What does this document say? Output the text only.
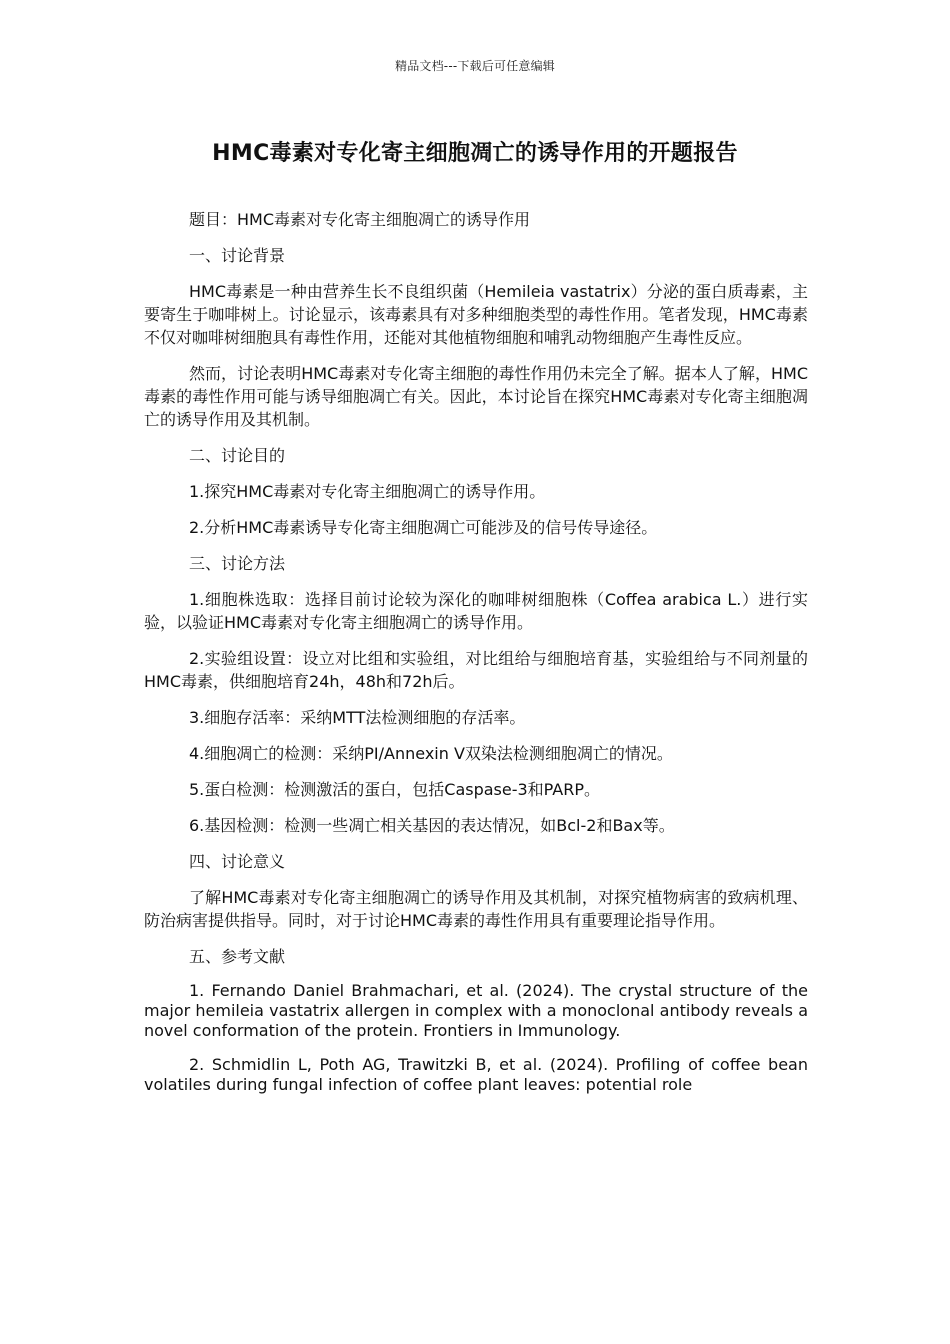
精品文档---下载后可任意编辑
HMC毒素对专化寄主细胞凋亡的诱导作用的开题报告

题目：HMC毒素对专化寄主细胞凋亡的诱导作用

一、讨论背景

HMC毒素是一种由营养生长不良组织菌（Hemileia vastatrix）分泌的蛋白质毒素，主要寄生于咖啡树上。讨论显示，该毒素具有对多种细胞类型的毒性作用。笔者发现，HMC毒素不仅对咖啡树细胞具有毒性作用，还能对其他植物细胞和哺乳动物细胞产生毒性反应。

然而，讨论表明HMC毒素对专化寄主细胞的毒性作用仍未完全了解。据本人了解，HMC毒素的毒性作用可能与诱导细胞凋亡有关。因此，本讨论旨在探究HMC毒素对专化寄主细胞凋亡的诱导作用及其机制。

二、讨论目的

1.探究HMC毒素对专化寄主细胞凋亡的诱导作用。

2.分析HMC毒素诱导专化寄主细胞凋亡可能涉及的信号传导途径。

三、讨论方法

1.细胞株选取：选择目前讨论较为深化的咖啡树细胞株（Coffea arabica L.）进行实验，以验证HMC毒素对专化寄主细胞凋亡的诱导作用。

2.实验组设置：设立对比组和实验组，对比组给与细胞培育基，实验组给与不同剂量的HMC毒素，供细胞培育24h，48h和72h后。

3.细胞存活率：采纳MTT法检测细胞的存活率。

4.细胞凋亡的检测：采纳PI/Annexin V双染法检测细胞凋亡的情况。

5.蛋白检测：检测激活的蛋白，包括Caspase-3和PARP。

6.基因检测：检测一些凋亡相关基因的表达情况，如Bcl-2和Bax等。

四、讨论意义

了解HMC毒素对专化寄主细胞凋亡的诱导作用及其机制，对探究植物病害的致病机理、防治病害提供指导。同时，对于讨论HMC毒素的毒性作用具有重要理论指导作用。

五、参考文献

1. Fernando Daniel Brahmachari, et al. (2024). The crystal structure of the major hemileia vastatrix allergen in complex with a monoclonal antibody reveals a novel conformation of the protein. Frontiers in Immunology.

2. Schmidlin L, Poth AG, Trawitzki B, et al. (2024). Profiling of coffee bean volatiles during fungal infection of coffee plant leaves: potential role
